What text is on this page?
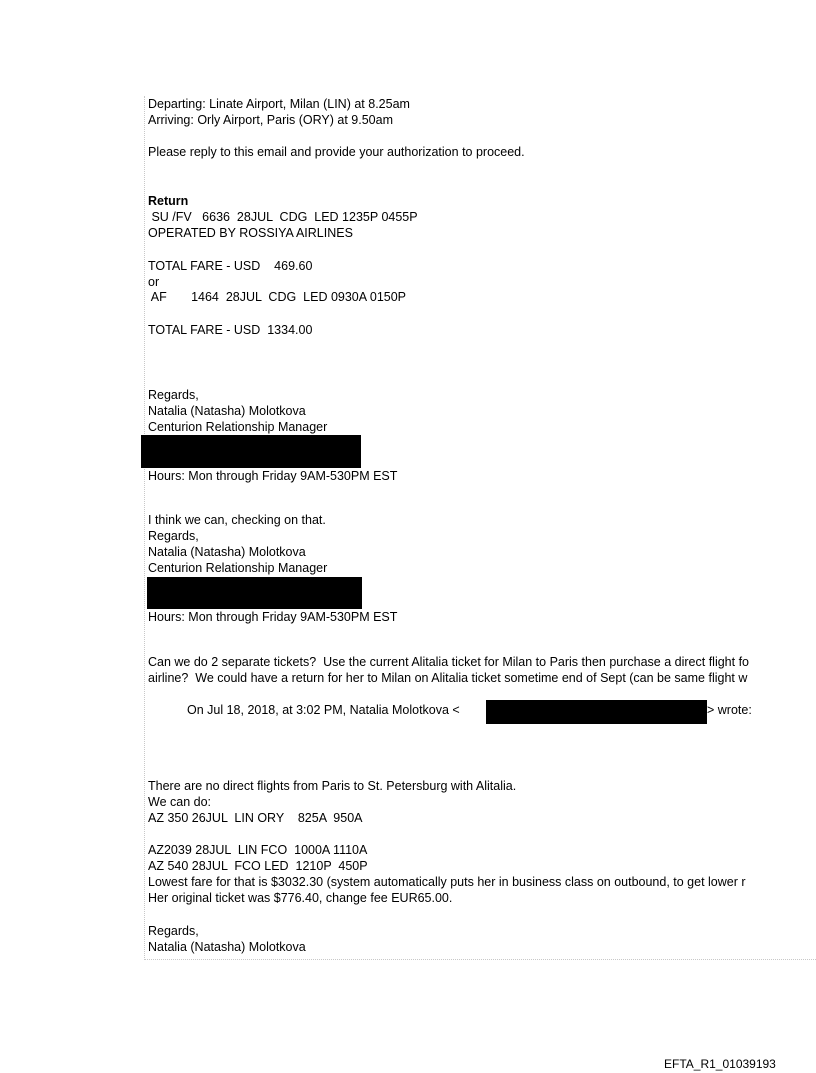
Departing: Linate Airport, Milan (LIN) at 8.25am
Arriving: Orly Airport, Paris (ORY) at 9.50am
Please reply to this email and provide your authorization to proceed.
Return
SU /FV   6636  28JUL  CDG  LED 1235P 0455P
OPERATED BY ROSSIYA AIRLINES
TOTAL FARE - USD    469.60
or
AF       1464  28JUL  CDG  LED 0930A 0150P
TOTAL FARE - USD  1334.00
Regards,
Natalia (Natasha) Molotkova
Centurion Relationship Manager
Hours: Mon through Friday 9AM-530PM EST
I think we can, checking on that.
Regards,
Natalia (Natasha) Molotkova
Centurion Relationship Manager
Hours: Mon through Friday 9AM-530PM EST
Can we do 2 separate tickets?  Use the current Alitalia ticket for Milan to Paris then purchase a direct flight fo
airline?  We could have a return for her to Milan on Alitalia ticket sometime end of Sept (can be same flight w
On Jul 18, 2018, at 3:02 PM, Natalia Molotkova <	> wrote:
There are no direct flights from Paris to St. Petersburg with Alitalia.
We can do:
AZ 350 26JUL  LIN ORY    825A  950A
AZ2039 28JUL  LIN FCO  1000A 1110A
AZ 540 28JUL  FCO LED  1210P  450P
Lowest fare for that is $3032.30 (system automatically puts her in business class on outbound, to get lower r
Her original ticket was $776.40, change fee EUR65.00.
Regards,
Natalia (Natasha) Molotkova
EFTA_R1_01039193
